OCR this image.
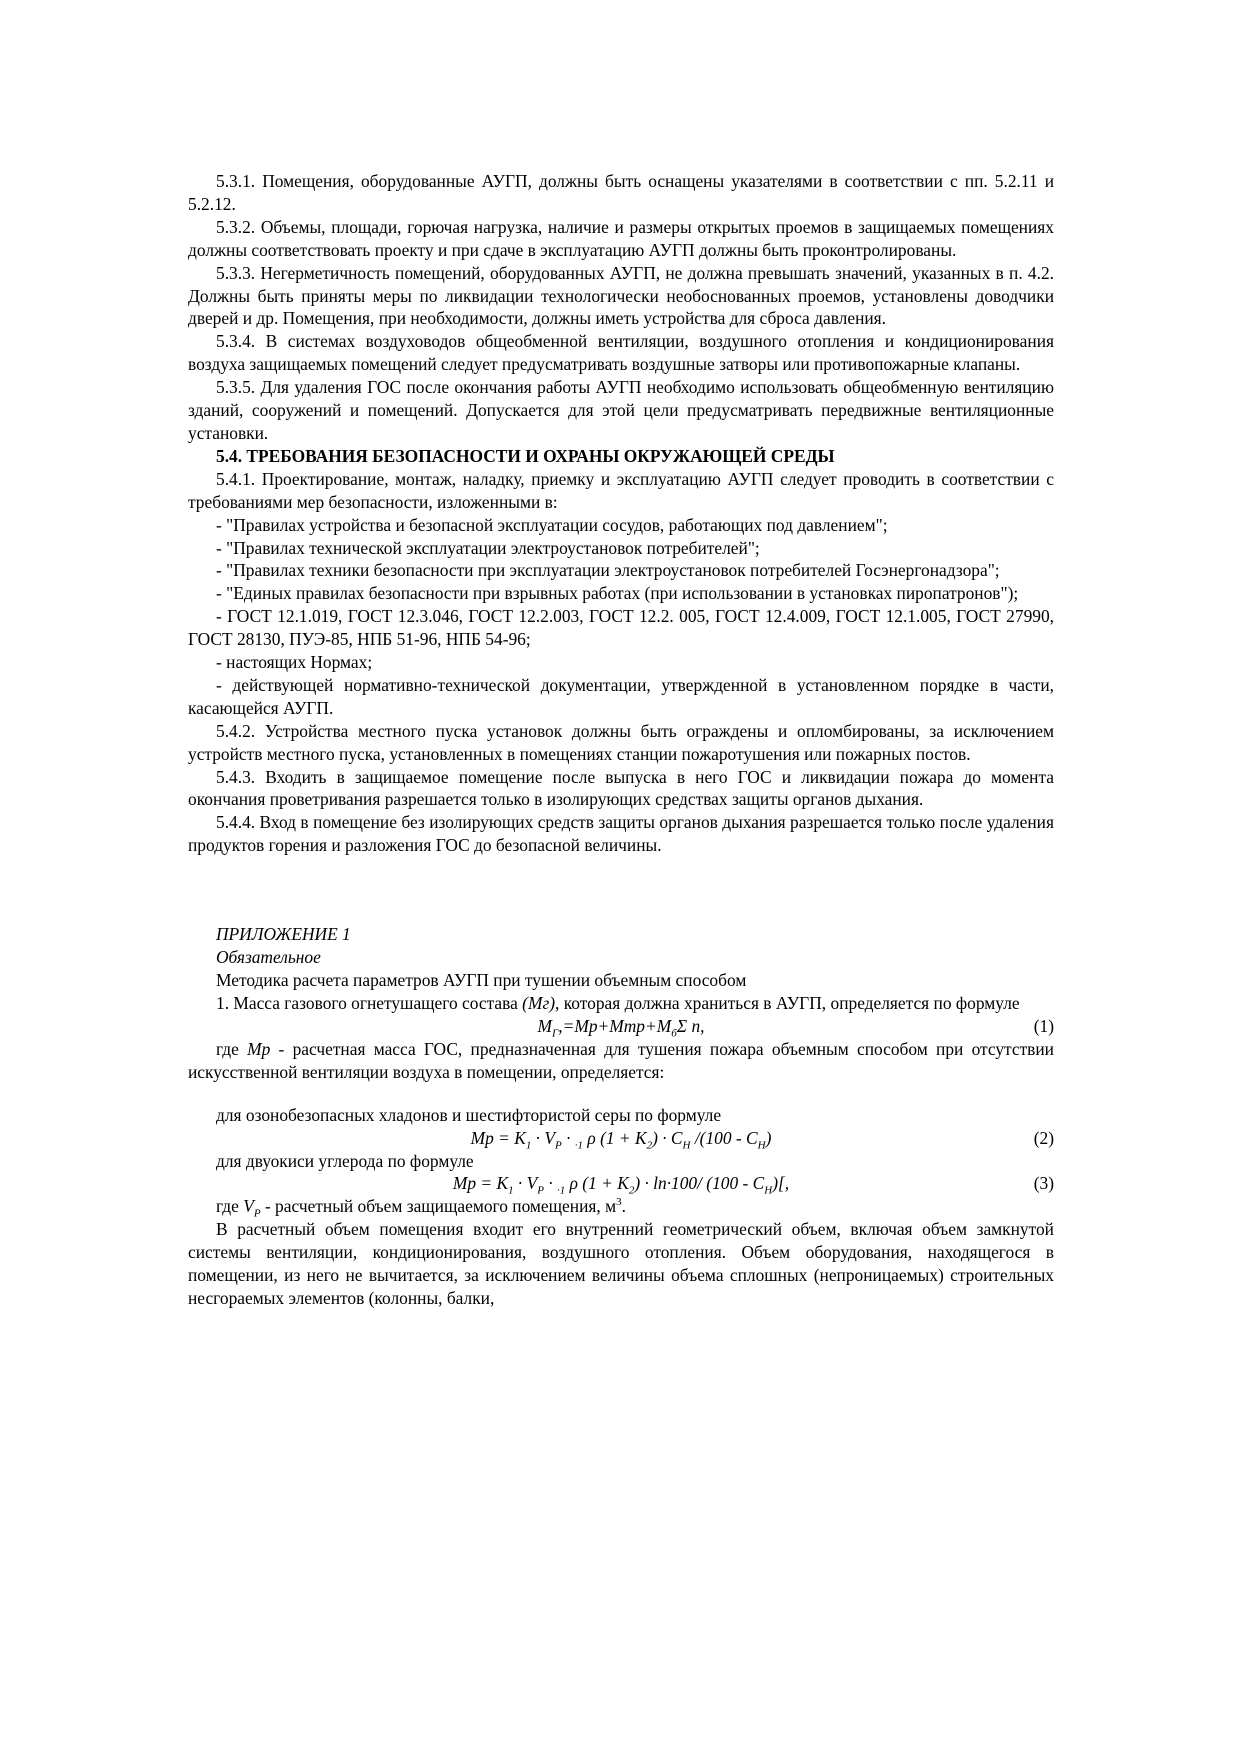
5.3.1. Помещения, оборудованные АУГП, должны быть оснащены указателями в соответствии с пп. 5.2.11 и 5.2.12.

5.3.2. Объемы, площади, горючая нагрузка, наличие и размеры открытых проемов в защищаемых помещениях должны соответствовать проекту и при сдаче в эксплуатацию АУГП должны быть проконтролированы.

5.3.3. Негерметичность помещений, оборудованных АУГП, не должна превышать значений, указанных в п. 4.2. Должны быть приняты меры по ликвидации технологически необоснованных проемов, установлены доводчики дверей и др. Помещения, при необходимости, должны иметь устройства для сброса давления.

5.3.4. В системах воздуховодов общеобменной вентиляции, воздушного отопления и кондиционирования воздуха защищаемых помещений следует предусматривать воздушные затворы или противопожарные клапаны.

5.3.5. Для удаления ГОС после окончания работы АУГП необходимо использовать общеобменную вентиляцию зданий, сооружений и помещений. Допускается для этой цели предусматривать передвижные вентиляционные установки.

5.4. ТРЕБОВАНИЯ БЕЗОПАСНОСТИ И ОХРАНЫ ОКРУЖАЮЩЕЙ СРЕДЫ

5.4.1. Проектирование, монтаж, наладку, приемку и эксплуатацию АУГП следует проводить в соответствии с требованиями мер безопасности, изложенными в:

- "Правилах устройства и безопасной эксплуатации сосудов, работающих под давлением";

- "Правилах технической эксплуатации электроустановок потребителей";

- "Правилах техники безопасности при эксплуатации электроустановок потребителей Госэнергонадзора";

- "Единых правилах безопасности при взрывных работах (при использовании в установках пиропатронов");

- ГОСТ 12.1.019, ГОСТ 12.3.046, ГОСТ 12.2.003, ГОСТ 12.2. 005, ГОСТ 12.4.009, ГОСТ 12.1.005, ГОСТ 27990, ГОСТ 28130, ПУЭ-85, НПБ 51-96, НПБ 54-96;

- настоящих Нормах;

- действующей нормативно-технической документации, утвержденной в установленном порядке в части, касающейся АУГП.

5.4.2. Устройства местного пуска установок должны быть ограждены и опломбированы, за исключением устройств местного пуска, установленных в помещениях станции пожаротушения или пожарных постов.

5.4.3. Входить в защищаемое помещение после выпуска в него ГОС и ликвидации пожара до момента окончания проветривания разрешается только в изолирующих средствах защиты органов дыхания.

5.4.4. Вход в помещение без изолирующих средств защиты органов дыхания разрешается только после удаления продуктов горения и разложения ГОС до безопасной величины.

ПРИЛОЖЕНИЕ 1

Обязательное

Методика расчета параметров АУГП при тушении объемным способом

1. Масса газового огнетушащего состава (Мг), которая должна храниться в АУГП, определяется по формуле

$М_Г,=Мр+Мтр+М_б\Sigma$ n,	(1)

где Мр - расчетная масса ГОС, предназначенная для тушения пожара объемным способом при отсутствии искусственной вентиляции воздуха в помещении, определяется:

для озонобезопасных хладонов и шестифтористой серы по формуле

Мр = $K_1 \cdot V_P \cdot _{\cdot 1}$ ρ $(1 + K_2) \cdot C_H$ $/(100 - C_H)$	(2)

для двуокиси углерода по формуле

Мр = $K_1 \cdot V_P \cdot _{\cdot 1}$ ρ $(1 + K_2) \cdot \ln\cdot 100/$ $(100 - C_H)$[,	(3)

где $V_P$ - расчетный объем защищаемого помещения, $м^3$.

В расчетный объем помещения входит его внутренний геометрический объем, включая объем замкнутой системы вентиляции, кондиционирования, воздушного отопления. Объем оборудования, находящегося в помещении, из него не вычитается, за исключением величины объема сплошных (непроницаемых) строительных несгораемых элементов (колонны, балки,
